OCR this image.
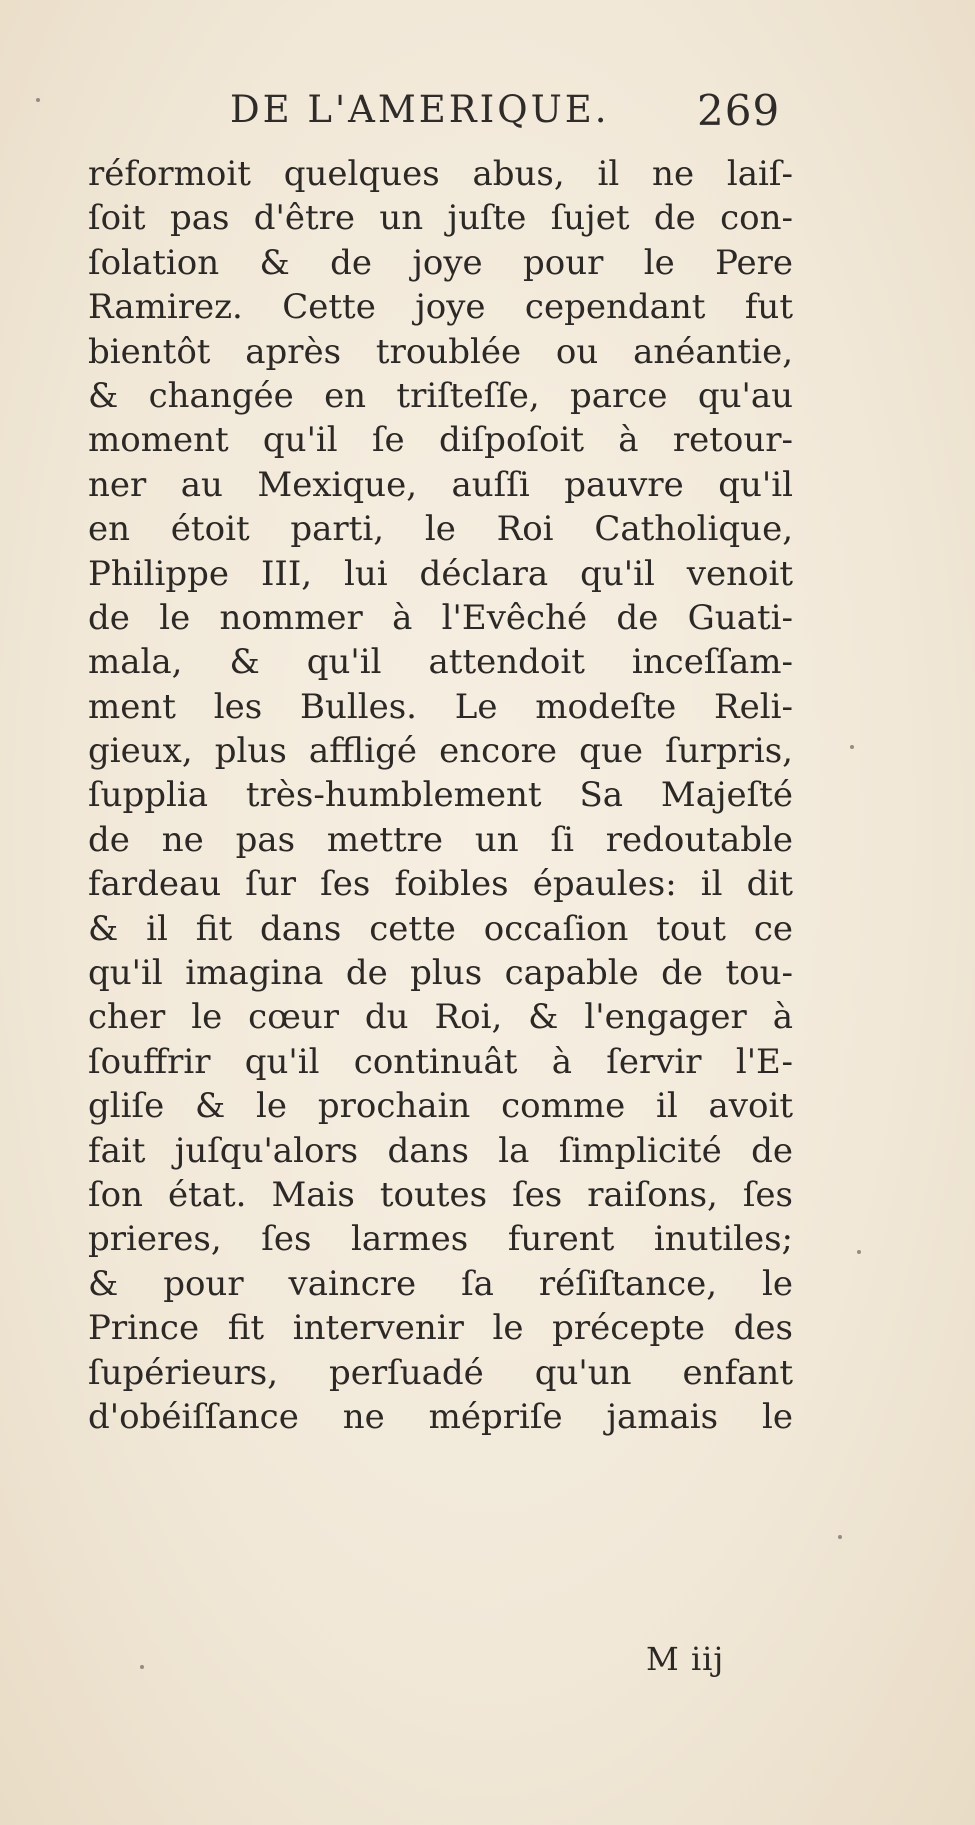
DE L'AMERIQUE. 269
réformoit quelques abus, il ne laiſ-
ſoit pas d'être un juſte ſujet de con-
ſolation & de joye pour le Pere
Ramirez. Cette joye cependant fut
bientôt après troublée ou anéantie,
& changée en triſteſſe, parce qu'au
moment qu'il ſe diſpoſoit à retour-
ner au Mexique, auſſi pauvre qu'il
en étoit parti, le Roi Catholique,
Philippe III, lui déclara qu'il venoit
de le nommer à l'Evêché de Guati-
mala, & qu'il attendoit inceſſam-
ment les Bulles. Le modeſte Reli-
gieux, plus affligé encore que ſurpris,
ſupplia très-humblement Sa Majeſté
de ne pas mettre un ſi redoutable
fardeau ſur ſes foibles épaules: il dit
& il fit dans cette occaſion tout ce
qu'il imagina de plus capable de tou-
cher le cœur du Roi, & l'engager à
ſouffrir qu'il continuât à ſervir l'E-
gliſe & le prochain comme il avoit
fait juſqu'alors dans la ſimplicité de
ſon état. Mais toutes ſes raiſons, ſes
prieres, ſes larmes furent inutiles;
& pour vaincre ſa réſiſtance, le
Prince fit intervenir le précepte des
ſupérieurs, perſuadé qu'un enfant
d'obéiſſance ne mépriſe jamais le
M iij
